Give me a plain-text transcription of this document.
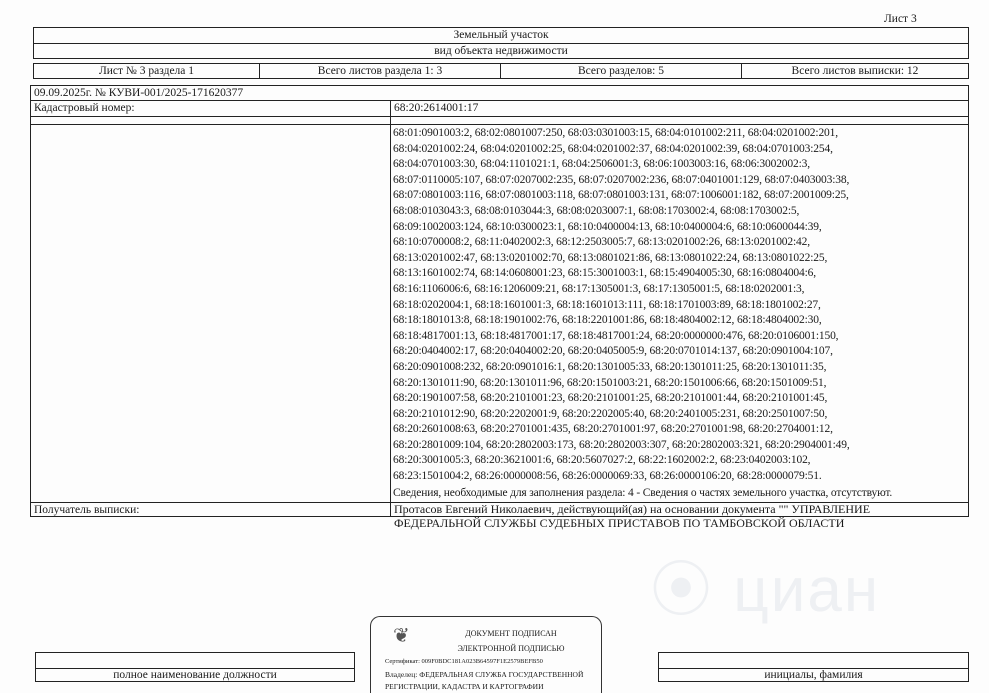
⦿ циан
Лист 3
Земельный участок
вид объекта недвижимости
Лист № 3 раздела 1	Всего листов раздела 1: 3	Всего разделов: 5	Всего листов выписки: 12
09.09.2025г. № КУВИ-001/2025-171620377
Кадастровый номер:	68:20:2614001:17
68:01:0901003:2, 68:02:0801007:250, 68:03:0301003:15, 68:04:0101002:211, 68:04:0201002:201,
68:04:0201002:24, 68:04:0201002:25, 68:04:0201002:37, 68:04:0201002:39, 68:04:0701003:254,
68:04:0701003:30, 68:04:1101021:1, 68:04:2506001:3, 68:06:1003003:16, 68:06:3002002:3,
68:07:0110005:107, 68:07:0207002:235, 68:07:0207002:236, 68:07:0401001:129, 68:07:0403003:38,
68:07:0801003:116, 68:07:0801003:118, 68:07:0801003:131, 68:07:1006001:182, 68:07:2001009:25,
68:08:0103043:3, 68:08:0103044:3, 68:08:0203007:1, 68:08:1703002:4, 68:08:1703002:5,
68:09:1002003:124, 68:10:0300023:1, 68:10:0400004:13, 68:10:0400004:6, 68:10:0600044:39,
68:10:0700008:2, 68:11:0402002:3, 68:12:2503005:7, 68:13:0201002:26, 68:13:0201002:42,
68:13:0201002:47, 68:13:0201002:70, 68:13:0801021:86, 68:13:0801022:24, 68:13:0801022:25,
68:13:1601002:74, 68:14:0608001:23, 68:15:3001003:1, 68:15:4904005:30, 68:16:0804004:6,
68:16:1106006:6, 68:16:1206009:21, 68:17:1305001:3, 68:17:1305001:5, 68:18:0202001:3,
68:18:0202004:1, 68:18:1601001:3, 68:18:1601013:111, 68:18:1701003:89, 68:18:1801002:27,
68:18:1801013:8, 68:18:1901002:76, 68:18:2201001:86, 68:18:4804002:12, 68:18:4804002:30,
68:18:4817001:13, 68:18:4817001:17, 68:18:4817001:24, 68:20:0000000:476, 68:20:0106001:150,
68:20:0404002:17, 68:20:0404002:20, 68:20:0405005:9, 68:20:0701014:137, 68:20:0901004:107,
68:20:0901008:232, 68:20:0901016:1, 68:20:1301005:33, 68:20:1301011:25, 68:20:1301011:35,
68:20:1301011:90, 68:20:1301011:96, 68:20:1501003:21, 68:20:1501006:66, 68:20:1501009:51,
68:20:1901007:58, 68:20:2101001:23, 68:20:2101001:25, 68:20:2101001:44, 68:20:2101001:45,
68:20:2101012:90, 68:20:2202001:9, 68:20:2202005:40, 68:20:2401005:231, 68:20:2501007:50,
68:20:2601008:63, 68:20:2701001:435, 68:20:2701001:97, 68:20:2701001:98, 68:20:2704001:12,
68:20:2801009:104, 68:20:2802003:173, 68:20:2802003:307, 68:20:2802003:321, 68:20:2904001:49,
68:20:3001005:3, 68:20:3621001:6, 68:20:5607027:2, 68:22:1602002:2, 68:23:0402003:102,
68:23:1501004:2, 68:26:0000008:56, 68:26:0000069:33, 68:26:0000106:20, 68:28:0000079:51.
Сведения, необходимые для заполнения раздела: 4 - Сведения о частях земельного участка, отсутствуют.
Получатель выписки:	Протасов Евгений Николаевич, действующий(ая) на основании документа "" УПРАВЛЕНИЕ
ФЕДЕРАЛЬНОЙ СЛУЖБЫ СУДЕБНЫХ ПРИСТАВОВ ПО ТАМБОВСКОЙ ОБЛАСТИ
полное наименование должности	инициалы, фамилия
❦	ДОКУМЕНТ ПОДПИСАН
ЭЛЕКТРОННОЙ ПОДПИСЬЮ
Сертификат: 009F0BDC181A023B64597F1E2579BEFB50
Владелец: ФЕДЕРАЛЬНАЯ СЛУЖБА ГОСУДАРСТВЕННОЙ
РЕГИСТРАЦИИ, КАДАСТРА И КАРТОГРАФИИ
